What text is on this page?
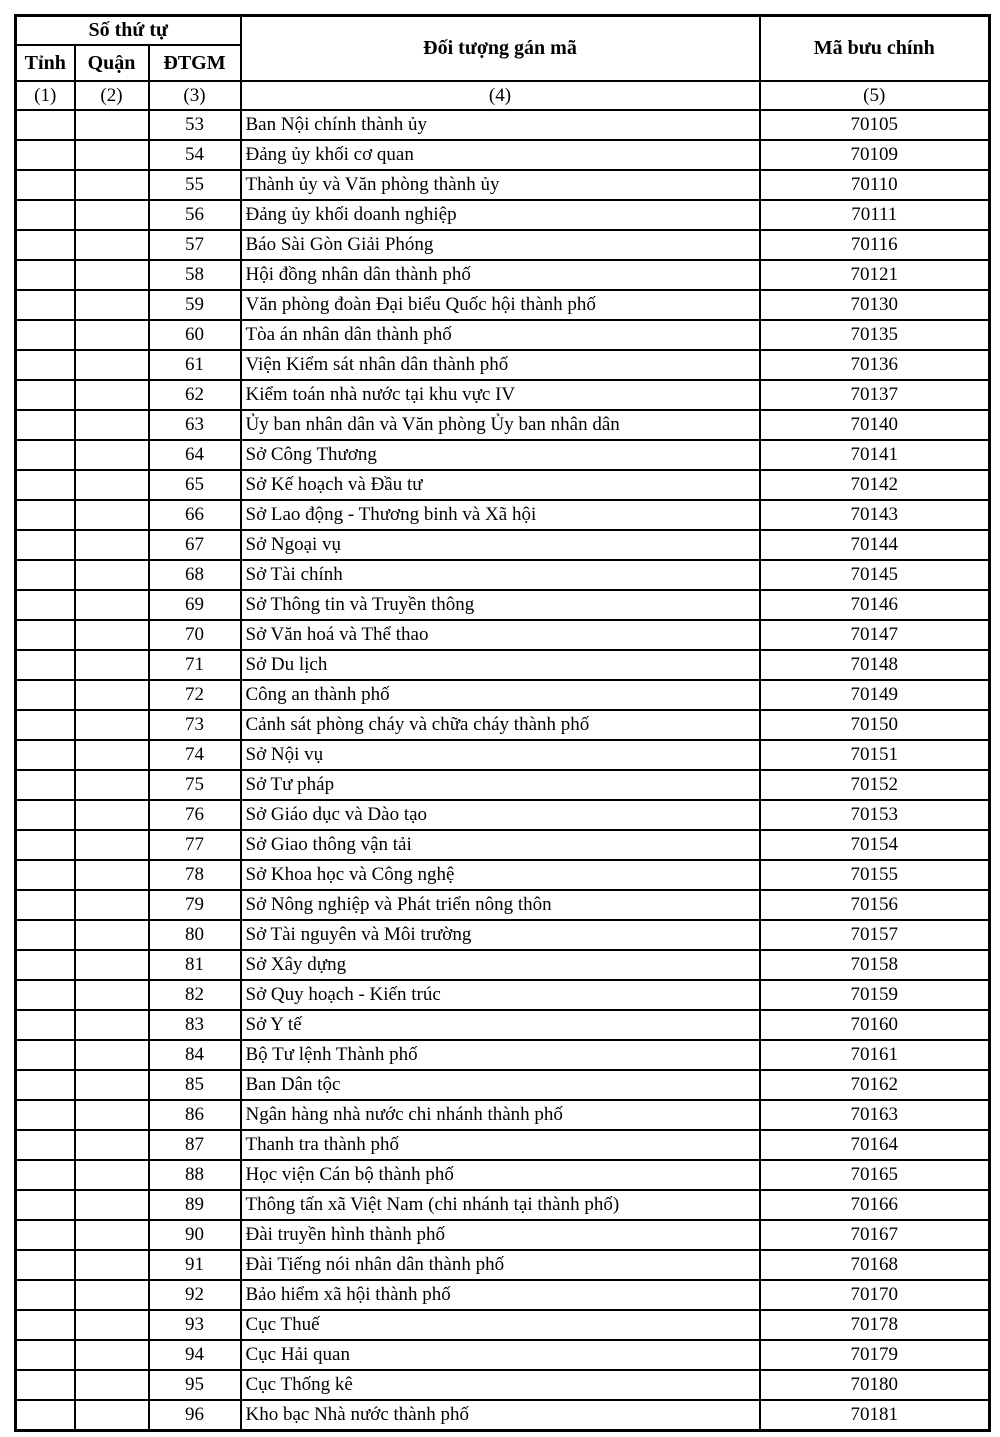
Số thứ tự			Đối tượng gán mã	Mã bưu chính
Tỉnh	Quận	ĐTGM		
(1)	(2)	(3)	(4)	(5)
		53	Ban Nội chính thành ủy	70105
		54	Đảng ủy khối cơ quan	70109
		55	Thành ủy và Văn phòng thành ủy	70110
		56	Đảng ủy khối doanh nghiệp	70111
		57	Báo Sài Gòn Giải Phóng	70116
		58	Hội đồng nhân dân thành phố	70121
		59	Văn phòng đoàn Đại biểu Quốc hội thành phố	70130
		60	Tòa án nhân dân thành phố	70135
		61	Viện Kiểm sát nhân dân thành phố	70136
		62	Kiểm toán nhà nước tại khu vực IV	70137
		63	Ủy ban nhân dân và Văn phòng Ủy ban nhân dân	70140
		64	Sở Công Thương	70141
		65	Sở Kế hoạch và Đầu tư	70142
		66	Sở Lao động - Thương binh và Xã hội	70143
		67	Sở Ngoại vụ	70144
		68	Sở Tài chính	70145
		69	Sở Thông tin và Truyền thông	70146
		70	Sở Văn hoá và Thể thao	70147
		71	Sở Du lịch	70148
		72	Công an thành phố	70149
		73	Cảnh sát phòng cháy và chữa cháy thành phố	70150
		74	Sở Nội vụ	70151
		75	Sở Tư pháp	70152
		76	Sở Giáo dục và Dào tạo	70153
		77	Sở Giao thông vận tải	70154
		78	Sở Khoa học và Công nghệ	70155
		79	Sở Nông nghiệp và Phát triển nông thôn	70156
		80	Sở Tài nguyên và Môi trường	70157
		81	Sở Xây dựng	70158
		82	Sở Quy hoạch - Kiến trúc	70159
		83	Sở Y tế	70160
		84	Bộ Tư lệnh Thành phố	70161
		85	Ban Dân tộc	70162
		86	Ngân hàng nhà nước chi nhánh thành phố	70163
		87	Thanh tra thành phố	70164
		88	Học viện Cán bộ thành phố	70165
		89	Thông tấn xã Việt Nam (chi nhánh tại thành phố)	70166
		90	Đài truyền hình thành phố	70167
		91	Đài Tiếng nói nhân dân thành phố	70168
		92	Bảo hiểm xã hội thành phố	70170
		93	Cục Thuế	70178
		94	Cục Hải quan	70179
		95	Cục Thống kê	70180
		96	Kho bạc Nhà nước thành phố	70181
